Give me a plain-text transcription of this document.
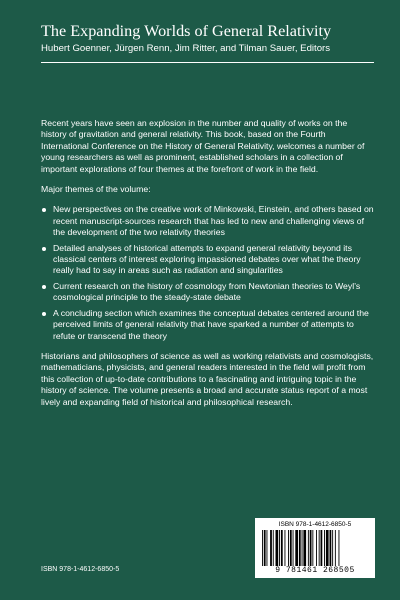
The Expanding Worlds of General Relativity
Hubert Goenner, Jürgen Renn, Jim Ritter, and Tilman Sauer, Editors

Recent years have seen an explosion in the number and quality of works on the history of gravitation and general relativity. This book, based on the Fourth International Conference on the History of General Relativity, welcomes a number of young researchers as well as prominent, established scholars in a collection of important explorations of four themes at the forefront of work in the field.

Major themes of the volume:

New perspectives on the creative work of Minkowski, Einstein, and others based on recent manuscript-sources research that has led to new and challenging views of the development of the two relativity theories
Detailed analyses of historical attempts to expand general relativity beyond its classical centers of interest exploring impassioned debates over what the theory really had to say in areas such as radiation and singularities
Current research on the history of cosmology from Newtonian theories to Weyl’s cosmological principle to the steady-state debate
A concluding section which examines the conceptual debates centered around the perceived limits of general relativity that have sparked a number of attempts to refute or transcend the theory

Historians and philosophers of science as well as working relativists and cosmologists, mathematicians, physicists, and general readers interested in the field will profit from this collection of up-to-date contributions to a fascinating and intriguing topic in the history of science. The volume presents a broad and accurate status report of a most lively and expanding field of historical and philosophical research.

ISBN 978-1-4612-6850-5
ISBN 978-1-4612-6850-5
9 781461 268505
